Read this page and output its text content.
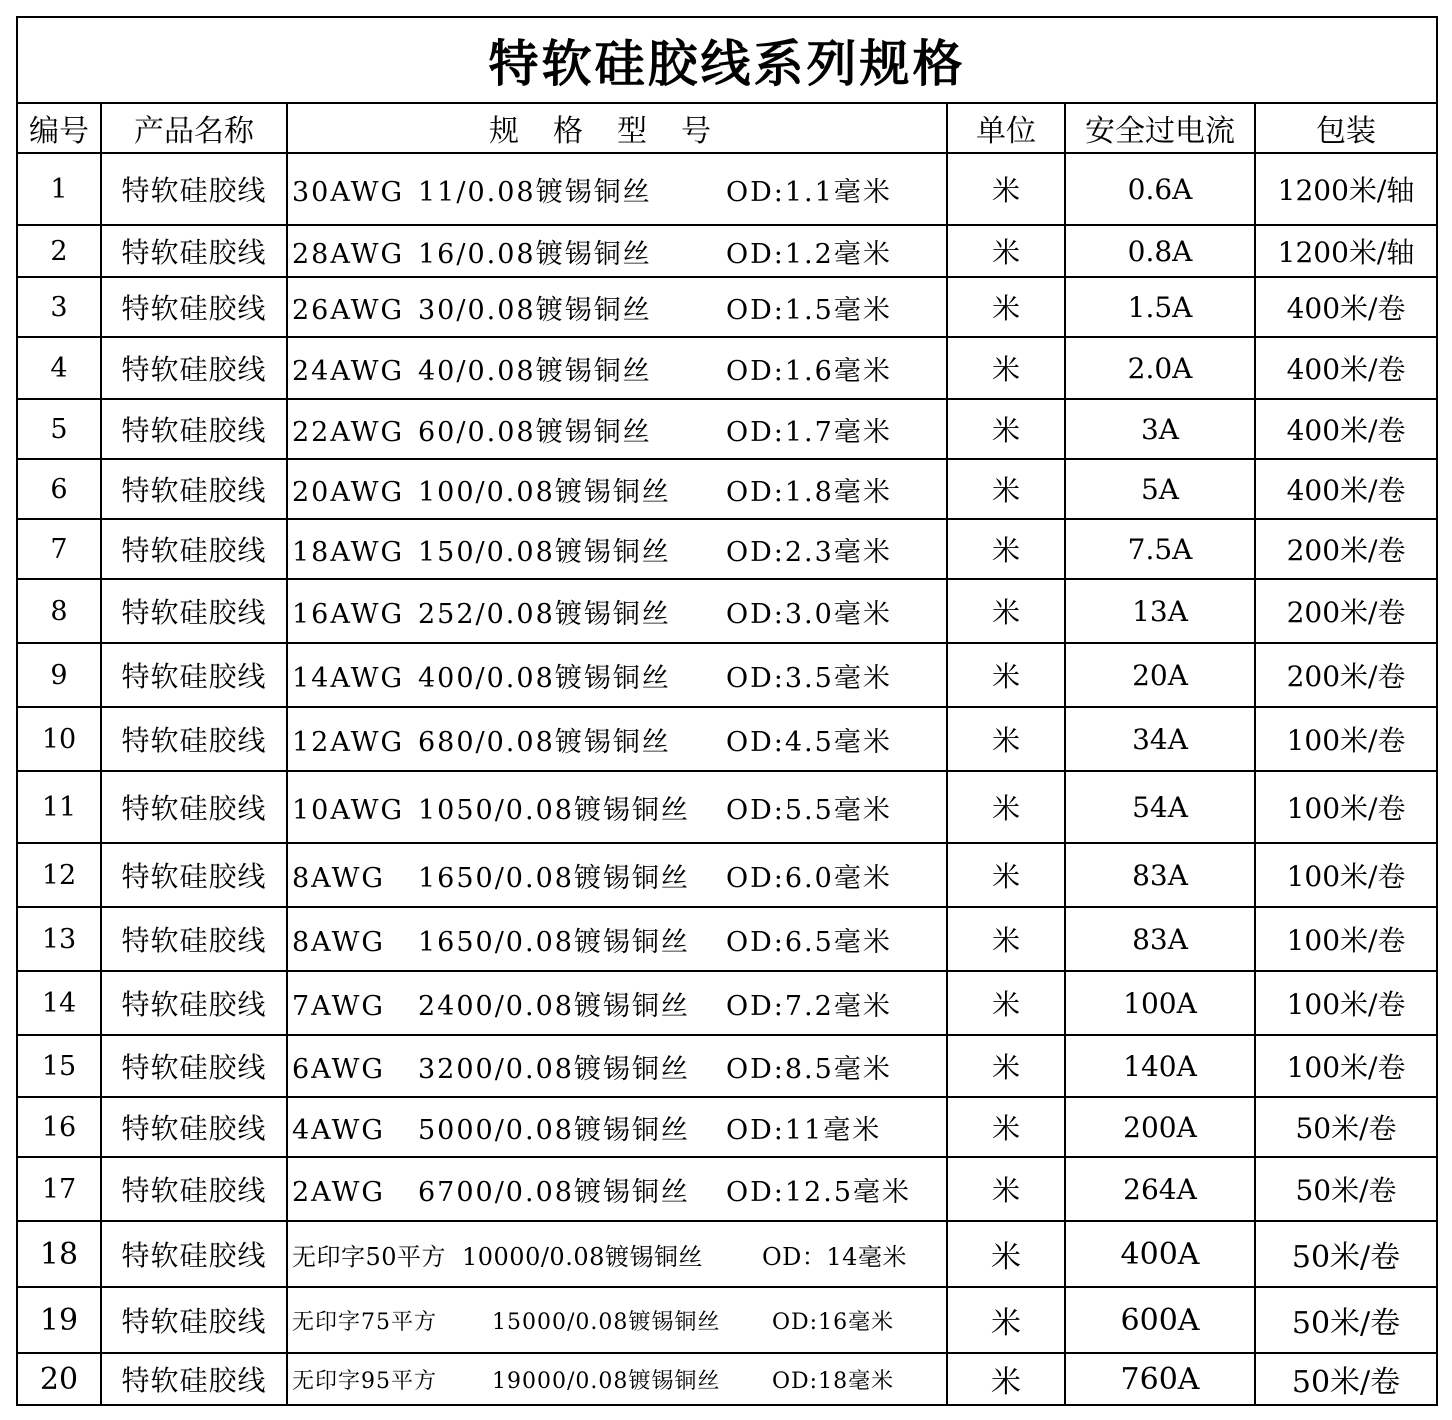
特软硅胶线系列规格					
编号	产品名称	规格型号	单位	安全过电流	包装
1	特软硅胶线	30AWG 11/0.08镀锡铜丝 OD:1.1毫米	米	0.6A	1200米/轴
2	特软硅胶线	28AWG 16/0.08镀锡铜丝 OD:1.2毫米	米	0.8A	1200米/轴
3	特软硅胶线	26AWG 30/0.08镀锡铜丝 OD:1.5毫米	米	1.5A	400米/卷
4	特软硅胶线	24AWG 40/0.08镀锡铜丝 OD:1.6毫米	米	2.0A	400米/卷
5	特软硅胶线	22AWG 60/0.08镀锡铜丝 OD:1.7毫米	米	3A	400米/卷
6	特软硅胶线	20AWG 100/0.08镀锡铜丝 OD:1.8毫米	米	5A	400米/卷
7	特软硅胶线	18AWG 150/0.08镀锡铜丝 OD:2.3毫米	米	7.5A	200米/卷
8	特软硅胶线	16AWG 252/0.08镀锡铜丝 OD:3.0毫米	米	13A	200米/卷
9	特软硅胶线	14AWG 400/0.08镀锡铜丝 OD:3.5毫米	米	20A	200米/卷
10	特软硅胶线	12AWG 680/0.08镀锡铜丝 OD:4.5毫米	米	34A	100米/卷
11	特软硅胶线	10AWG 1050/0.08镀锡铜丝 OD:5.5毫米	米	54A	100米/卷
12	特软硅胶线	8AWG 1650/0.08镀锡铜丝 OD:6.0毫米	米	83A	100米/卷
13	特软硅胶线	8AWG 1650/0.08镀锡铜丝 OD:6.5毫米	米	83A	100米/卷
14	特软硅胶线	7AWG 2400/0.08镀锡铜丝 OD:7.2毫米	米	100A	100米/卷
15	特软硅胶线	6AWG 3200/0.08镀锡铜丝 OD:8.5毫米	米	140A	100米/卷
16	特软硅胶线	4AWG 5000/0.08镀锡铜丝 OD:11毫米	米	200A	50米/卷
17	特软硅胶线	2AWG 6700/0.08镀锡铜丝 OD:12.5毫米	米	264A	50米/卷
18	特软硅胶线	无印字50平方 10000/0.08镀锡铜丝 OD：14毫米	米	400A	50米/卷
19	特软硅胶线	无印字75平方 15000/0.08镀锡铜丝 OD:16毫米	米	600A	50米/卷
20	特软硅胶线	无印字95平方 19000/0.08镀锡铜丝 OD:18毫米	米	760A	50米/卷
